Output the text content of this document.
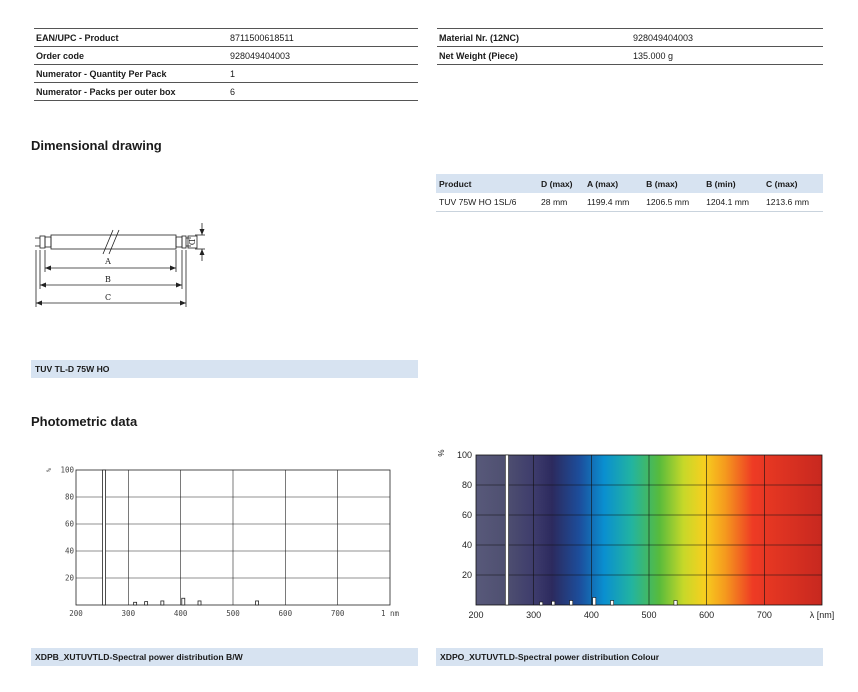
EAN/UPC - Product	8711500618511
Order code	928049404003
Numerator - Quantity Per Pack	1
Numerator - Packs per outer box	6
Material Nr. (12NC)	928049404003
Net Weight (Piece)	135.000 g
Dimensional drawing
Product	D (max)	A (max)	B (max)	B (min)	C (max)
TUV 75W HO 1SL/6	28 mm	1199.4 mm	1206.5 mm	1204.1 mm	1213.6 mm
A
B
C
D
TUV TL-D 75W HO
Photometric data
200	300	400	500	600	700	1 nm
20
40
60
80
100
%
200	300	400	500	600	700	λ [nm]
20
40
60
80
100
%
XDPB_XUTUVTLD-Spectral power distribution B/W	XDPO_XUTUVTLD-Spectral power distribution Colour
